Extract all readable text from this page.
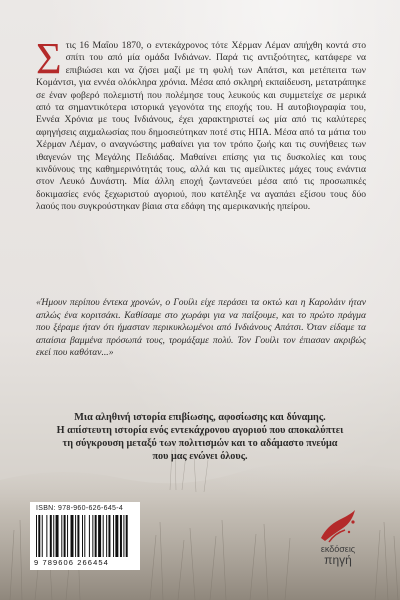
Στις 16 Μαΐου 1870, ο εντεκάχρονος τότε Χέρμαν Λέμαν απήχθη κοντά στο σπίτι του από μία ομάδα Ινδιάνων. Παρά τις αντιξοότητες, κατάφερε να επιβιώσει και να ζήσει μαζί με τη φυλή των Απάτσι, και μετέπειτα των Κομάντσι, για εννέα ολόκληρα χρόνια. Μέσα από σκληρή εκπαίδευση, μετατράπηκε σε έναν φοβερό πολεμιστή που πολέμησε τους λευκούς και συμμετείχε σε μερικά από τα σημαντικότερα ιστορικά γεγονότα της εποχής του. Η αυτοβιογραφία του, Εννέα Χρόνια με τους Ινδιάνους, έχει χαρακτηριστεί ως μία από τις καλύτερες αφηγήσεις αιχμαλωσίας που δημοσιεύτηκαν ποτέ στις ΗΠΑ. Μέσα από τα μάτια του Χέρμαν Λέμαν, ο αναγνώστης μαθαίνει για τον τρόπο ζωής και τις συνήθειες των ιθαγενών της Μεγάλης Πεδιάδας. Μαθαίνει επίσης για τις δυσκολίες και τους κινδύνους της καθημερινότητάς τους, αλλά και τις αμείλικτες μάχες τους ενάντια στον Λευκό Δυνάστη. Μία άλλη εποχή ζωντανεύει μέσα από τις προσωπικές δοκιμασίες ενός ξεχωριστού αγοριού, που κατέληξε να αγαπάει εξίσου τους δύο λαούς που συγκρούστηκαν βίαια στα εδάφη της αμερικανικής ηπείρου.

«Ήμουν περίπου έντεκα χρονών, ο Γουίλι είχε περάσει τα οκτώ και η Καρολάιν ήταν απλώς ένα κοριτσάκι. Καθίσαμε στο χωράφι για να παίξουμε, και το πρώτο πράγμα που ξέραμε ήταν ότι ήμασταν περικυκλωμένοι από Ινδιάνους Απάτσι. Όταν είδαμε τα απαίσια βαμμένα πρόσωπά τους, τρομάξαμε πολύ. Τον Γουίλι τον έπιασαν ακριβώς εκεί που καθόταν...»

Μια αληθινή ιστορία επιβίωσης, αφοσίωσης και δύναμης.
Η απίστευτη ιστορία ενός εντεκάχρονου αγοριού που αποκαλύπτει
τη σύγκρουση μεταξύ των πολιτισμών και το αδάμαστο πνεύμα
που μας ενώνει όλους.

ISBN: 978-960-626-645-4
9 789606 266454
εκδόσεις
πηγή
